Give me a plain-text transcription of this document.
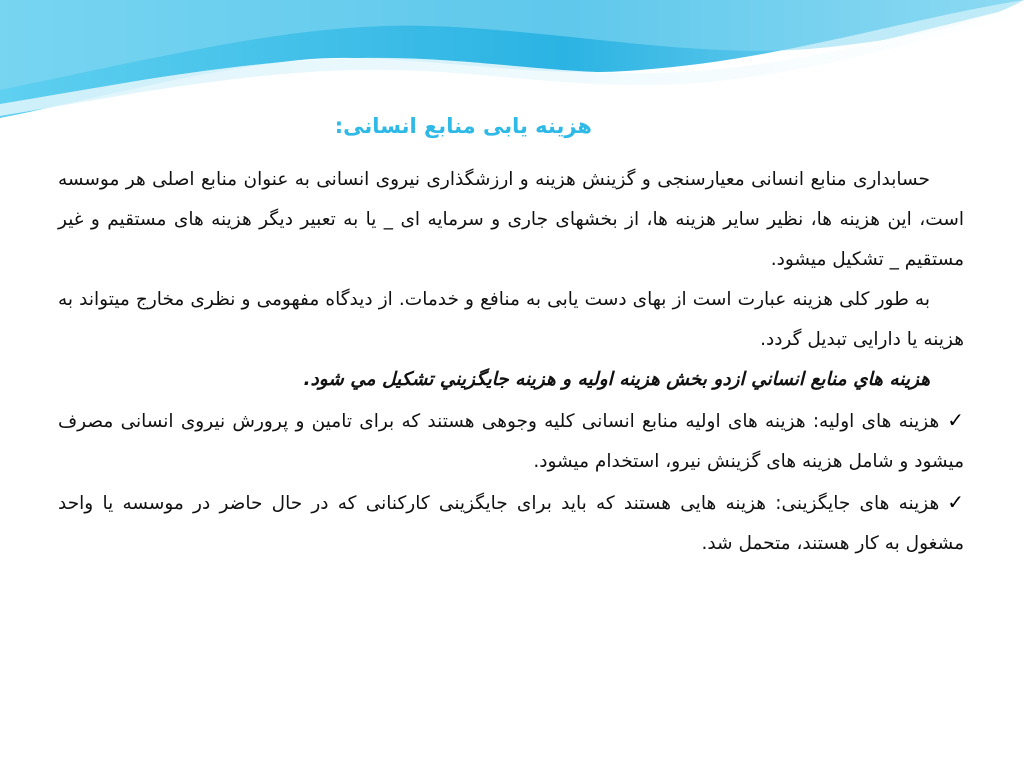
هزینه یابی منابع انسانی:

حسابداری منابع انسانی معیارسنجی و گزینش هزینه و ارزشگذاری نیروی انسانی به عنوان منابع اصلی هر موسسه است، این هزینه ها، نظیر سایر هزینه ها، از بخشهای جاری و سرمایه ای _ یا به تعبیر دیگر هزینه های مستقیم و غیر مستقیم _ تشکیل میشود.

به طور کلی هزینه عبارت است از بهای دست یابی به منافع و خدمات. از دیدگاه مفهومی و نظری مخارج میتواند به هزینه یا دارایی تبدیل گردد.

هزينه هاي منابع انساني ازدو بخش هزينه اوليه و هزينه جايگزيني تشكيل مي شود.

✓هزینه های اولیه: هزینه های اولیه منابع انسانی کلیه وجوهی هستند که برای تامین و پرورش نیروی انسانی مصرف میشود و شامل هزینه های گزینش نیرو، استخدام میشود.

✓هزینه های جایگزینی: هزینه هایی هستند که باید برای جایگزینی کارکنانی که در حال حاضر در موسسه یا واحد مشغول به کار هستند، متحمل شد.
